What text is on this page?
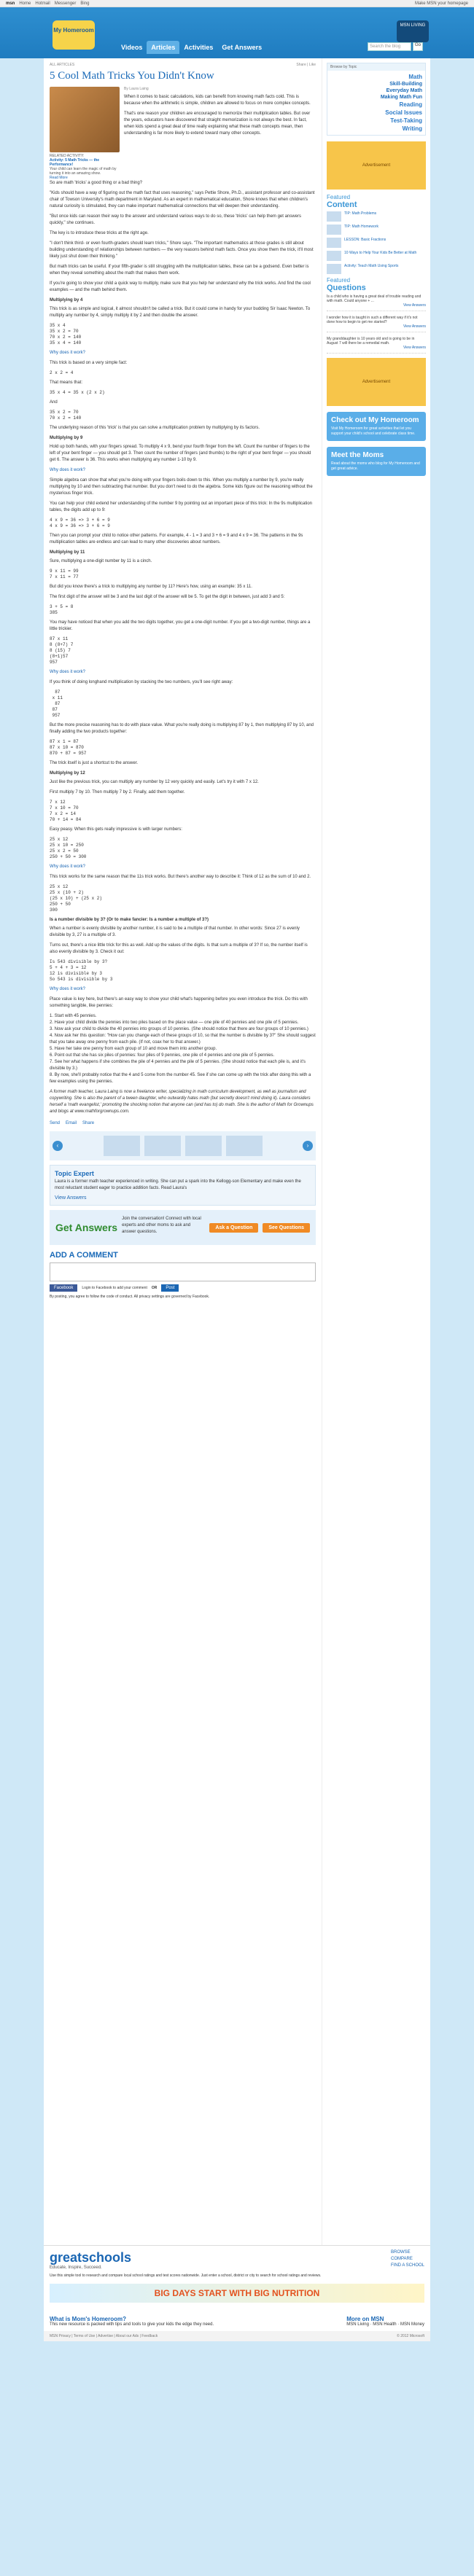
msn Home Hotmail Messenger Bing	Make MSN your homepage
My Homeroom
Videos	Articles	Activities	Get Answers	Search the blog	Go
MSN LIVING
ALL ARTICLES	Share | Like
5 Cool Math Tricks You Didn't Know
RELATED ACTIVITY:
Activity: 5 Math Tricks — the Performance!
Your child can learn the magic of math by turning it into an amazing show.
Read More
By Laura Laing

When it comes to basic calculations, kids can benefit from knowing math facts cold. This is because when the arithmetic is simple, children are allowed to focus on more complex concepts.

That's one reason your children are encouraged to memorize their multiplication tables. But over the years, educators have discovered that straight memorization is not always the best. In fact, when kids spend a great deal of time really explaining what these math concepts mean, then understanding is far more likely to extend toward many other concepts.

So are math 'tricks' a good thing or a bad thing?

"Kids should have a way of figuring out the math fact that uses reasoning," says Pettie Shore, Ph.D., assistant professor and co-assistant chair of Towson University's math department in Maryland. As an expert in mathematical education, Shore knows that when children's natural curiosity is stimulated, they can make important mathematical connections that will deepen their understanding.

"But once kids can reason their way to the answer and understand various ways to do so, these 'tricks' can help them get answers quickly," she continues.

The key is to introduce these tricks at the right age.

"I don't think third- or even fourth-graders should learn tricks," Shore says. "The important mathematics at those grades is still about building understanding of relationships between numbers — the very reasons behind math facts. Once you show them the trick, it'll most likely just shut down their thinking."

But math tricks can be useful. If your fifth-grader is still struggling with the multiplication tables, these can be a godsend. Even better is when they reveal something about the math that makes them work.

If you're going to show your child a quick way to multiply, make sure that you help her understand why the trick works. And find the cool examples — and the math behind them.

Multiplying by 4

This trick is as simple and logical, it almost shouldn't be called a trick. But it could come in handy for your budding Sir Isaac Newton. To multiply any number by 4, simply multiply it by 2 and then double the answer.

35 x 4
35 x 2 = 70
70 x 2 = 140
35 x 4 = 140

Why does it work?

This trick is based on a very simple fact:

2 x 2 = 4

That means that:

35 x 4 = 35 x (2 x 2)

And

35 x 2 = 70
70 x 2 = 140

The underlying reason of this 'trick' is that you can solve a multiplication problem by multiplying by its factors.

Multiplying by 9

Hold up both hands, with your fingers spread. To multiply 4 x 9, bend your fourth finger from the left. Count the number of fingers to the left of your bent finger — you should get 3. Then count the number of fingers (and thumbs) to the right of your bent finger — you should get 6. The answer is 36. This works when multiplying any number 1-10 by 9.

Why does it work?

Simple algebra can show that what you're doing with your fingers boils down to this. When you multiply a number by 9, you're really multiplying by 10 and then subtracting that number. But you don't need to do the algebra. Some kids figure out the reasoning without the mysterious finger trick.

You can help your child extend her understanding of the number 9 by pointing out an important piece of this trick: In the 9s multiplication tables, the digits add up to 9:

4 x 9 = 36 => 3 + 6 = 9
4 x 9 = 36 => 3 + 6 = 9

Then you can prompt your child to notice other patterns. For example, 4 - 1 = 3 and 3 + 6 = 9 and 4 x 9 = 36. The patterns in the 9s multiplication tables are endless and can lead to many other discoveries about numbers.

Multiplying by 11

Sure, multiplying a one-digit number by 11 is a cinch.

9 x 11 = 99
7 x 11 = 77

But did you know there's a trick to multiplying any number by 11? Here's how, using an example: 35 x 11.

The first digit of the answer will be 3 and the last digit of the answer will be 5. To get the digit in between, just add 3 and 5:

3 + 5 = 8
385

You may have noticed that when you add the two digits together, you get a one-digit number. If you get a two-digit number, things are a little trickier.

87 x 11
8 (8+7) 7
8 (15) 7
(8+1)57
957

Why does it work?

If you think of doing longhand multiplication by stacking the two numbers, you'll see right away:

87
x 11
87
87
957

But the more precise reasoning has to do with place value. What you're really doing is multiplying 87 by 1, then multiplying 87 by 10, and finally adding the two products together:

87 x 1 = 87
87 x 10 = 870
870 + 87 = 957

The trick itself is just a shortcut to the answer.

Multiplying by 12

Just like the previous trick, you can multiply any number by 12 very quickly and easily. Let's try it with 7 x 12.

First multiply 7 by 10. Then multiply 7 by 2. Finally, add them together.

7 x 12
7 x 10 = 70
7 x 2 = 14
70 + 14 = 84

Easy peasy. When this gets really impressive is with larger numbers:

25 x 12
25 x 10 = 250
25 x 2 = 50
250 + 50 = 300

Why does it work?

This trick works for the same reason that the 11s trick works. But there's another way to describe it: Think of 12 as the sum of 10 and 2.

25 x 12
25 x (10 + 2)
(25 x 10) + (25 x 2)
250 + 50
300

Is a number divisible by 3? (Or to make fancier: Is a number a multiple of 3?)

When a number is evenly divisible by another number, it is said to be a multiple of that number. In other words: Since 27 is evenly divisible by 3, 27 is a multiple of 3.

Turns out, there's a nice little trick for this as well. Add up the values of the digits. Is that sum a multiple of 3? If so, the number itself is also evenly divisible by 3. Check it out:

Is 543 divisible by 3?
5 + 4 + 3 = 12
12 is divisible by 3
So 543 is divisible by 3

Why does it work?

Place value is key here, but there's an easy way to show your child what's happening before you even introduce the trick. Do this with something tangible, like pennies:

1. Start with 45 pennies.
2. Have your child divide the pennies into two piles based on the place value — one pile of 40 pennies and one pile of 5 pennies.
3. Now ask your child to divide the 40 pennies into groups of 10 pennies. (She should notice that there are four groups of 10 pennies.)
4. Now ask her this question: "How can you change each of these groups of 10, so that the number is divisible by 3?" She should suggest that you take away one penny from each pile. (If not, coax her to that answer.)
5. Have her take one penny from each group of 10 and move them into another group.
6. Point out that she has six piles of pennies: four piles of 9 pennies, one pile of 4 pennies and one pile of 5 pennies.
7. See her what happens if she combines the pile of 4 pennies and the pile of 5 pennies. (She should notice that each pile is, and it's divisible by 3.)
8. By now, she'll probably notice that the 4 and 5 come from the number 45. See if she can come up with the trick after doing this with a few examples using the pennies.

A former math teacher, Laura Laing is now a freelance writer, specializing in math curriculum development, as well as journalism and copywriting. She is also the parent of a tween daughter, who outwardly hates math (but secretly doesn't mind doing it). Laura considers herself a 'math evangelist,' promoting the shocking notion that anyone can (and has to) do math. She is the author of Math for Grownups and blogs at www.mathforgrownups.com.

Send Email Share
‹	›
Topic Expert

Laura is a former math teacher experienced in writing. She can put a spark into the Kellogg-son Elementary and make even the most reluctant student eager to practice addition facts. Read Laura's

View Answers
Get Answers

Join the conversation! Connect with local experts and other moms to ask and answer questions.

Ask a Question	See Questions
ADD A COMMENT
Facebook	Login to Facebook to add your comment OR	Post

By posting, you agree to follow the code of conduct. All privacy settings are governed by Facebook.

Browse by Topic
Math
Skill-Building
Everyday Math
Making Math Fun
Reading
Social Issues
Test-Taking
Writing
Advertisement
Featured
Content
TIP: Math Problems
TIP: Math Homework
LESSON: Basic Fractions
10 Ways to Help Your Kids Be Better at Math
Activity: Teach Math Using Sports
Featured
Questions
Is a child who is having a great deal of trouble reading and with math. Could anyone + ...
View Answers
I wonder how it is taught in such a different way if it's not done how to begin to get me started?
View Answers
My granddaughter is 10 years old and is going to be in August 7 will there be a remedial math.
View Answers
Advertisement
Check out My Homeroom

Visit My Homeroom for great activities that let you support your child's school and celebrate class time.

Meet the Moms

Read about the moms who blog for My Homeroom and get great advice.

greatschools
Educate, Inspire, Succeed.
BROWSE
COMPARE
FIND A SCHOOL

Use this simple tool to research and compare local school ratings and test scores nationwide. Just enter a school, district or city to search for school ratings and reviews.

BIG DAYS START WITH BIG NUTRITION
What is Mom's Homeroom?
This new resource is packed with tips and tools to give your kids the edge they need.
More on MSN
MSN Living · MSN Health · MSN Money
MSN Privacy | Terms of Use | Advertise | About our Ads | Feedback	© 2012 Microsoft
